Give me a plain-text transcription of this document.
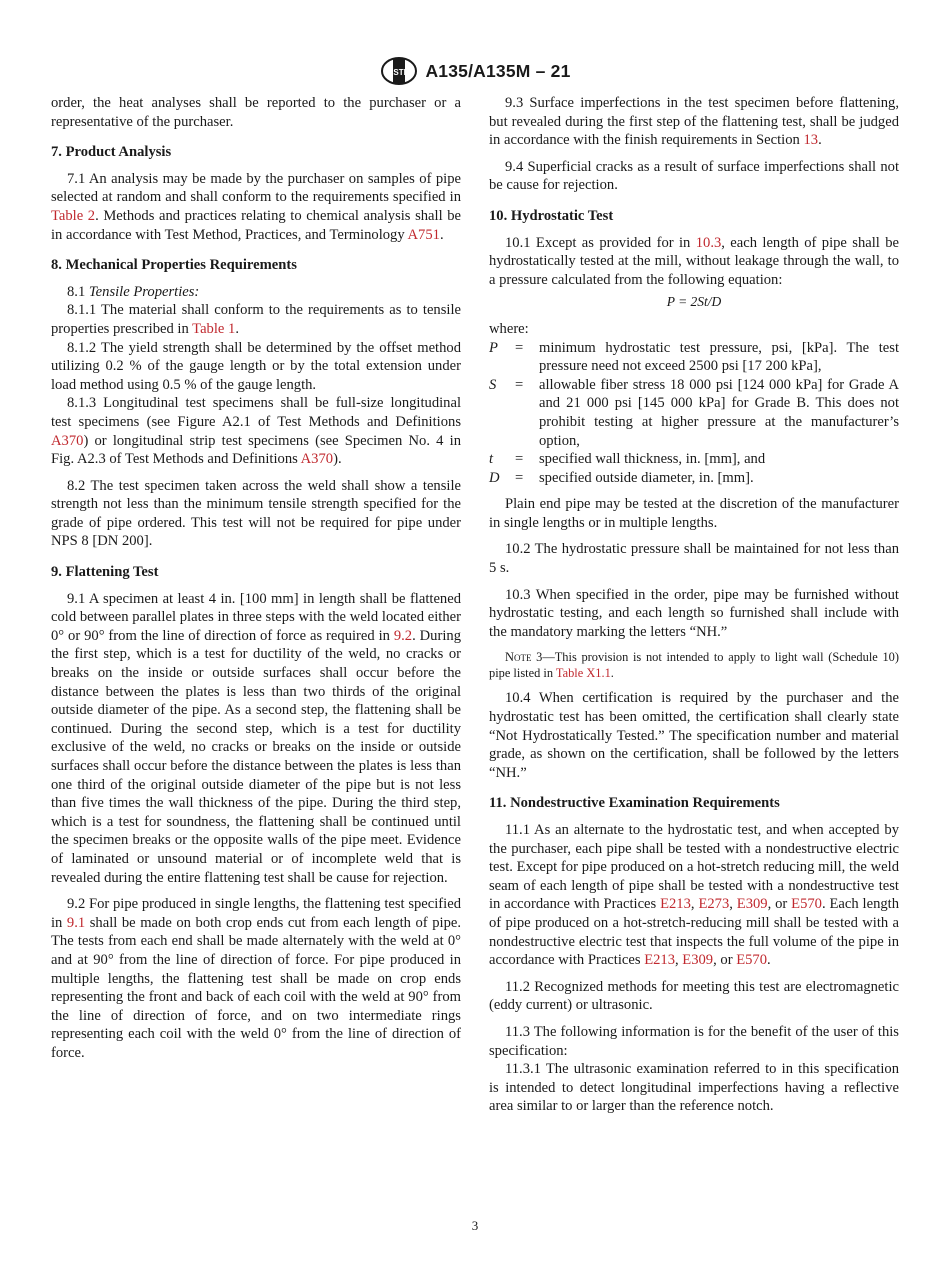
ASTM A135/A135M – 21

order, the heat analyses shall be reported to the purchaser or a representative of the purchaser.

7. Product Analysis

7.1 An analysis may be made by the purchaser on samples of pipe selected at random and shall conform to the requirements specified in Table 2. Methods and practices relating to chemical analysis shall be in accordance with Test Method, Practices, and Terminology A751.

8. Mechanical Properties Requirements

8.1 Tensile Properties:

8.1.1 The material shall conform to the requirements as to tensile properties prescribed in Table 1.

8.1.2 The yield strength shall be determined by the offset method utilizing 0.2 % of the gauge length or by the total extension under load method using 0.5 % of the gauge length.

8.1.3 Longitudinal test specimens shall be full-size longitudinal test specimens (see Figure A2.1 of Test Methods and Definitions A370) or longitudinal strip test specimens (see Specimen No. 4 in Fig. A2.3 of Test Methods and Definitions A370).

8.2 The test specimen taken across the weld shall show a tensile strength not less than the minimum tensile strength specified for the grade of pipe ordered. This test will not be required for pipe under NPS 8 [DN 200].

9. Flattening Test

9.1 A specimen at least 4 in. [100 mm] in length shall be flattened cold between parallel plates in three steps with the weld located either 0° or 90° from the line of direction of force as required in 9.2. During the first step, which is a test for ductility of the weld, no cracks or breaks on the inside or outside surfaces shall occur before the distance between the plates is less than two thirds of the original outside diameter of the pipe. As a second step, the flattening shall be continued. During the second step, which is a test for ductility exclusive of the weld, no cracks or breaks on the inside or outside surfaces shall occur before the distance between the plates is less than one third of the original outside diameter of the pipe but is not less than five times the wall thickness of the pipe. During the third step, which is a test for soundness, the flattening shall be continued until the specimen breaks or the opposite walls of the pipe meet. Evidence of laminated or unsound material or of incomplete weld that is revealed during the entire flattening test shall be cause for rejection.

9.2 For pipe produced in single lengths, the flattening test specified in 9.1 shall be made on both crop ends cut from each length of pipe. The tests from each end shall be made alternately with the weld at 0° and at 90° from the line of direction of force. For pipe produced in multiple lengths, the flattening test shall be made on crop ends representing the front and back of each coil with the weld at 90° from the line of direction of force, and on two intermediate rings representing each coil with the weld 0° from the line of direction of force.

9.3 Surface imperfections in the test specimen before flattening, but revealed during the first step of the flattening test, shall be judged in accordance with the finish requirements in Section 13.

9.4 Superficial cracks as a result of surface imperfections shall not be cause for rejection.

10. Hydrostatic Test

10.1 Except as provided for in 10.3, each length of pipe shall be hydrostatically tested at the mill, without leakage through the wall, to a pressure calculated from the following equation:

P = 2St/D

where:

P	=	minimum hydrostatic test pressure, psi, [kPa]. The test pressure need not exceed 2500 psi [17 200 kPa],
S	=	allowable fiber stress 18 000 psi [124 000 kPa] for Grade A and 21 000 psi [145 000 kPa] for Grade B. This does not prohibit testing at higher pressure at the manufacturer’s option,
t	=	specified wall thickness, in. [mm], and
D	=	specified outside diameter, in. [mm].

Plain end pipe may be tested at the discretion of the manufacturer in single lengths or in multiple lengths.

10.2 The hydrostatic pressure shall be maintained for not less than 5 s.

10.3 When specified in the order, pipe may be furnished without hydrostatic testing, and each length so furnished shall include with the mandatory marking the letters “NH.”

Note 3—This provision is not intended to apply to light wall (Schedule 10) pipe listed in Table X1.1.

10.4 When certification is required by the purchaser and the hydrostatic test has been omitted, the certification shall clearly state “Not Hydrostatically Tested.” The specification number and material grade, as shown on the certification, shall be followed by the letters “NH.”

11. Nondestructive Examination Requirements

11.1 As an alternate to the hydrostatic test, and when accepted by the purchaser, each pipe shall be tested with a nondestructive electric test. Except for pipe produced on a hot-stretch reducing mill, the weld seam of each length of pipe shall be tested with a nondestructive test in accordance with Practices E213, E273, E309, or E570. Each length of pipe produced on a hot-stretch-reducing mill shall be tested with a nondestructive electric test that inspects the full volume of the pipe in accordance with Practices E213, E309, or E570.

11.2 Recognized methods for meeting this test are electromagnetic (eddy current) or ultrasonic.

11.3 The following information is for the benefit of the user of this specification:

11.3.1 The ultrasonic examination referred to in this specification is intended to detect longitudinal imperfections having a reflective area similar to or larger than the reference notch.

3
